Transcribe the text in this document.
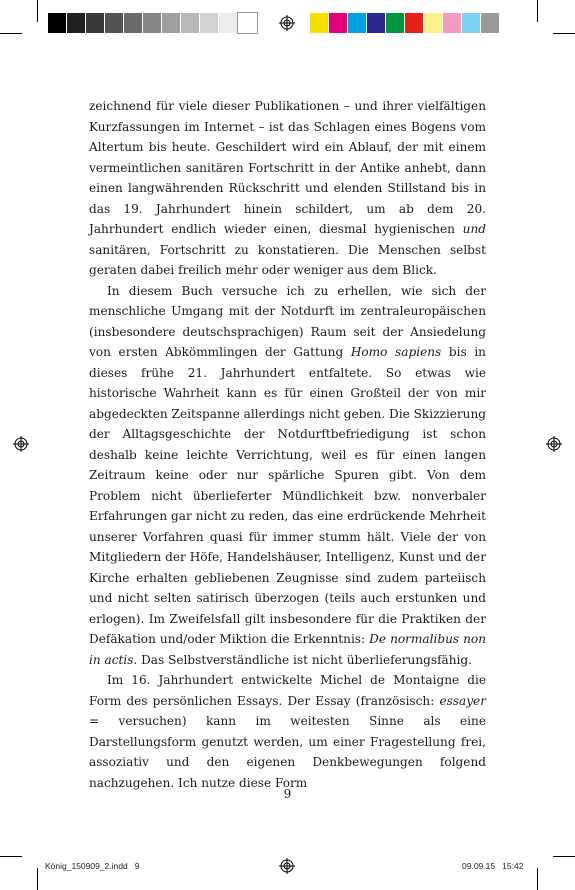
zeichnend für viele dieser Publikationen – und ihrer vielfältigen Kurzfassungen im Internet – ist das Schlagen eines Bogens vom Altertum bis heute. Geschildert wird ein Ablauf, der mit einem vermeintlichen sanitären Fortschritt in der Antike anhebt, dann einen langwährenden Rückschritt und elenden Stillstand bis in das 19. Jahrhundert hinein schildert, um ab dem 20. Jahrhundert endlich wieder einen, diesmal hygienischen und sanitären, Fortschritt zu konstatieren. Die Menschen selbst geraten dabei freilich mehr oder weniger aus dem Blick.

In diesem Buch versuche ich zu erhellen, wie sich der menschliche Umgang mit der Notdurft im zentraleuropäischen (insbesondere deutschsprachigen) Raum seit der Ansiedelung von ersten Abkömmlingen der Gattung Homo sapiens bis in dieses frühe 21. Jahrhundert entfaltete. So etwas wie historische Wahrheit kann es für einen Großteil der von mir abgedeckten Zeitspanne allerdings nicht geben. Die Skizzierung der Alltagsgeschichte der Notdurftbefriedigung ist schon deshalb keine leichte Verrichtung, weil es für einen langen Zeitraum keine oder nur spärliche Spuren gibt. Von dem Problem nicht überlieferter Mündlichkeit bzw. nonverbaler Erfahrungen gar nicht zu reden, das eine erdrückende Mehrheit unserer Vorfahren quasi für immer stumm hält. Viele der von Mitgliedern der Höfe, Handelshäuser, Intelligenz, Kunst und der Kirche erhalten gebliebenen Zeugnisse sind zudem parteiisch und nicht selten satirisch überzogen (teils auch erstunken und erlogen). Im Zweifelsfall gilt insbesondere für die Praktiken der Defäkation und/oder Miktion die Erkenntnis: De normalibus non in actis. Das Selbstverständliche ist nicht überlieferungsfähig.

Im 16. Jahrhundert entwickelte Michel de Montaigne die Form des persönlichen Essays. Der Essay (französisch: essayer = versuchen) kann im weitesten Sinne als eine Darstellungsform genutzt werden, um einer Fragestellung frei, assoziativ und den eigenen Denkbewegungen folgend nachzugehen. Ich nutze diese Form

9
König_150909_2.indd   9	09.09.15   15:42
